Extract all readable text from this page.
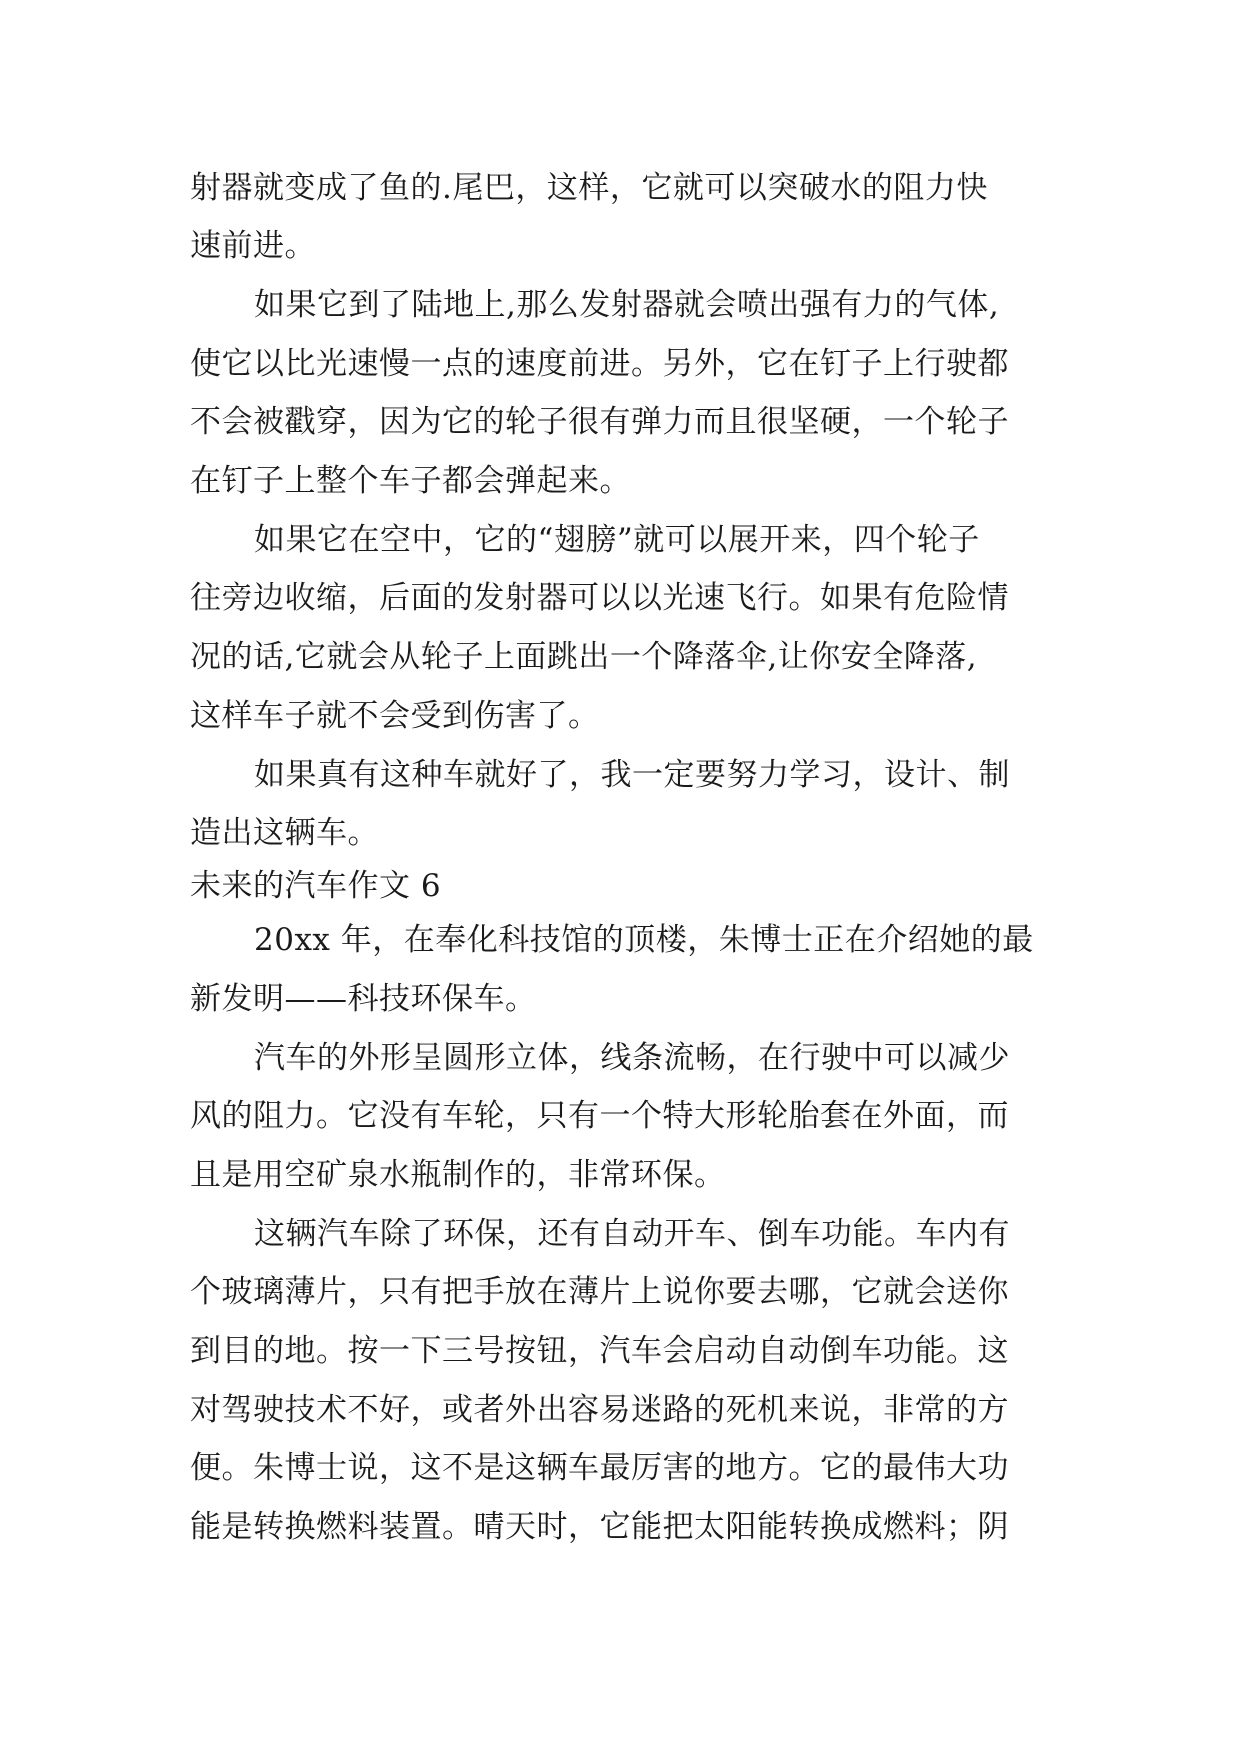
射器就变成了鱼的.尾巴，这样，它就可以突破水的阻力快
速前进。
如果它到了陆地上,那么发射器就会喷出强有力的气体,
使它以比光速慢一点的速度前进。另外，它在钉子上行驶都
不会被戳穿，因为它的轮子很有弹力而且很坚硬，一个轮子
在钉子上整个车子都会弹起来。
如果它在空中，它的“翅膀”就可以展开来，四个轮子
往旁边收缩，后面的发射器可以以光速飞行。如果有危险情
况的话,它就会从轮子上面跳出一个降落伞,让你安全降落,
这样车子就不会受到伤害了。
如果真有这种车就好了，我一定要努力学习，设计、制
造出这辆车。
未来的汽车作文 6
20xx 年，在奉化科技馆的顶楼，朱博士正在介绍她的最
新发明——科技环保车。
汽车的外形呈圆形立体，线条流畅，在行驶中可以减少
风的阻力。它没有车轮，只有一个特大形轮胎套在外面，而
且是用空矿泉水瓶制作的，非常环保。
这辆汽车除了环保，还有自动开车、倒车功能。车内有
个玻璃薄片，只有把手放在薄片上说你要去哪，它就会送你
到目的地。按一下三号按钮，汽车会启动自动倒车功能。这
对驾驶技术不好，或者外出容易迷路的死机来说，非常的方
便。朱博士说，这不是这辆车最厉害的地方。它的最伟大功
能是转换燃料装置。晴天时，它能把太阳能转换成燃料；阴
